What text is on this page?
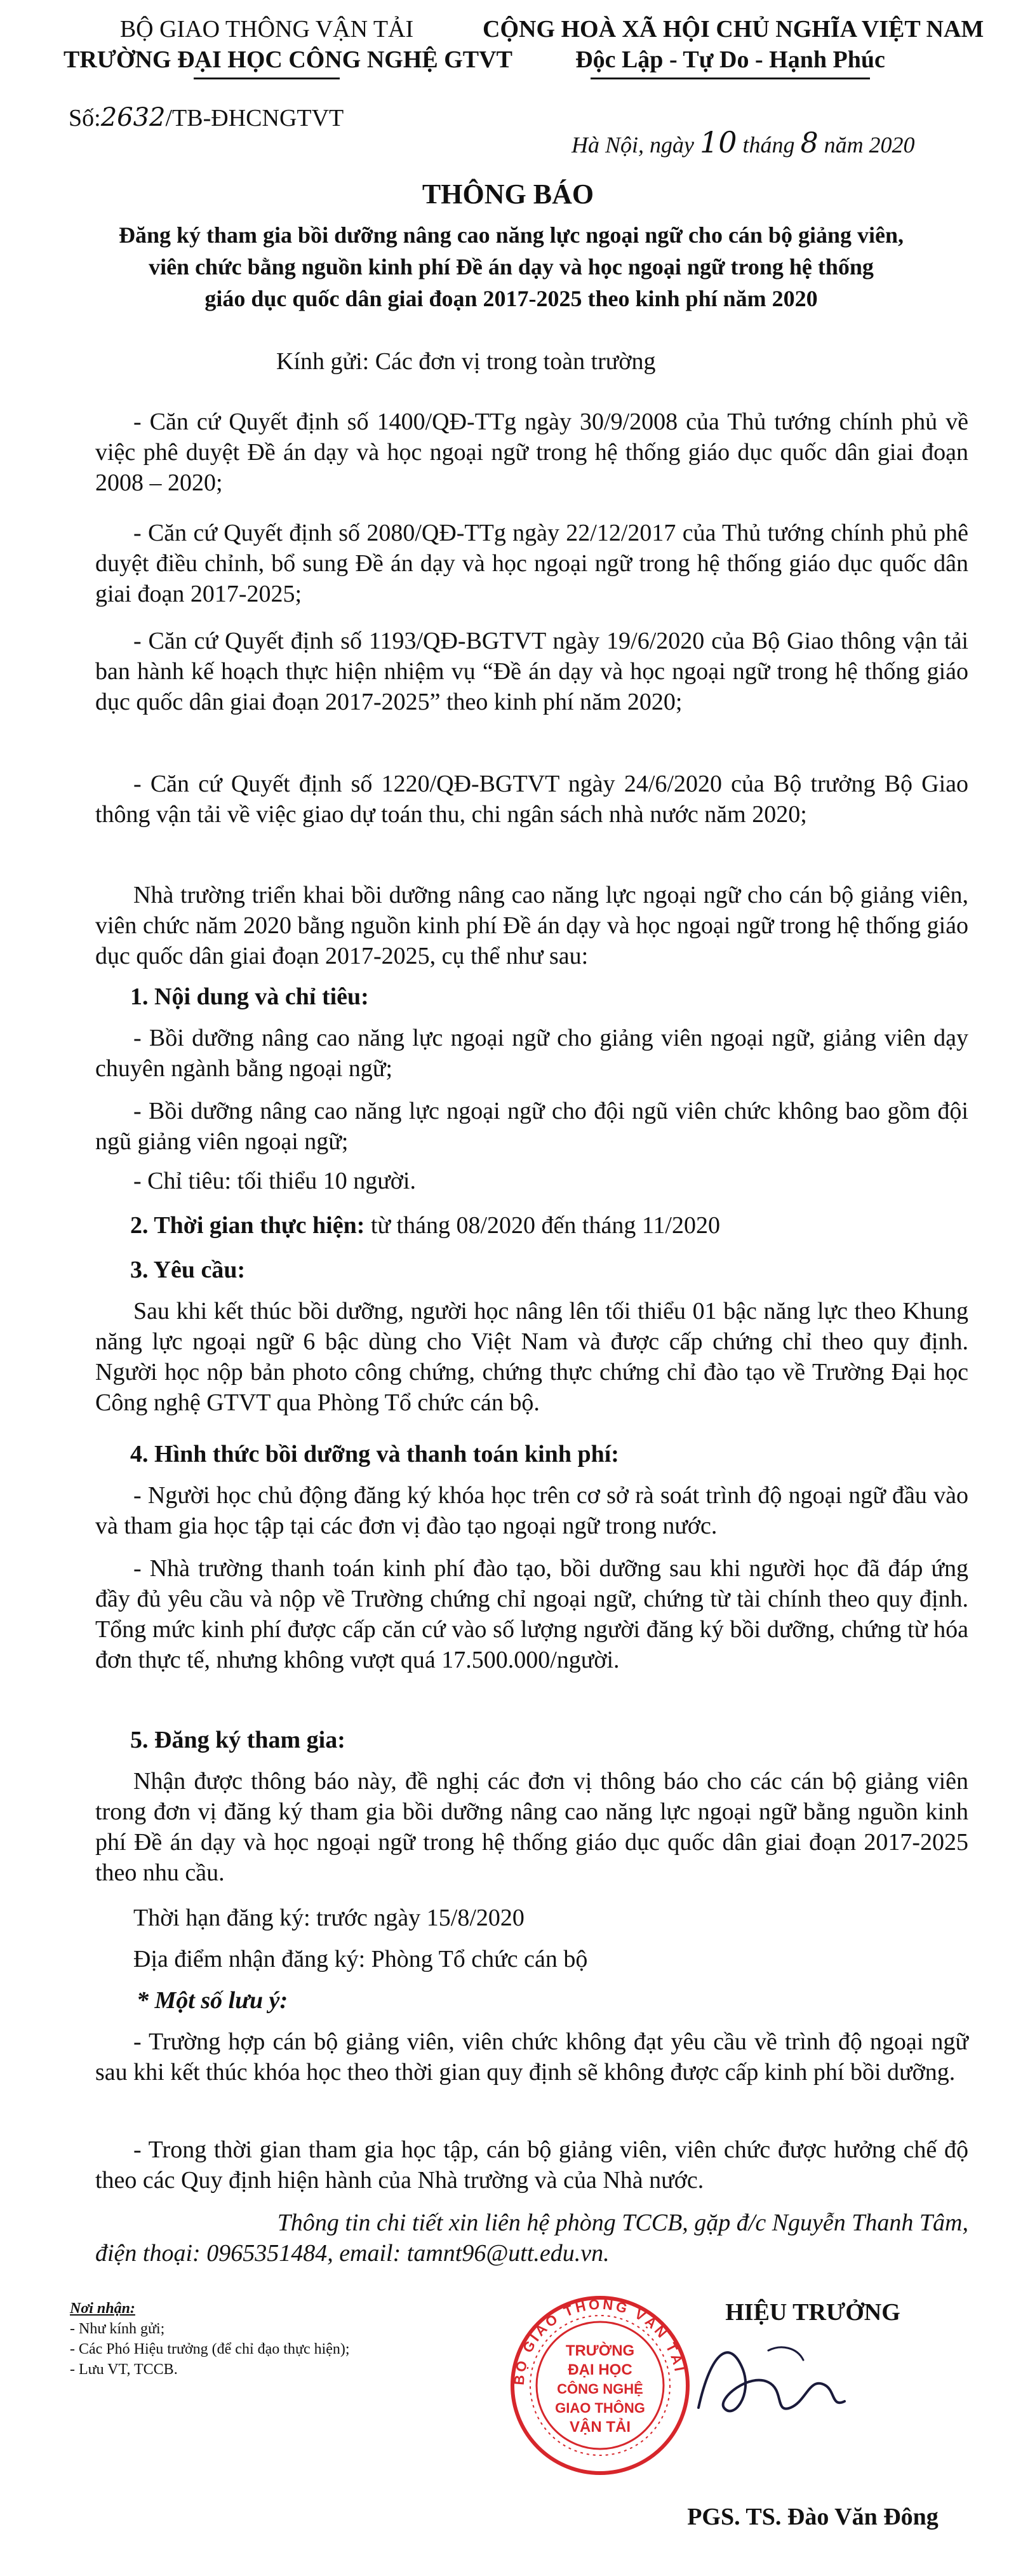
BỘ GIAO THÔNG VẬN TẢI
TRƯỜNG ĐẠI HỌC CÔNG NGHỆ GTVT
Số:2632/TB-ĐHCNGTVT
CỘNG HOÀ XÃ HỘI CHỦ NGHĨA VIỆT NAM
Độc Lập - Tự Do - Hạnh Phúc
Hà Nội, ngày 10 tháng 8 năm 2020
THÔNG BÁO
Đăng ký tham gia bồi dưỡng nâng cao năng lực ngoại ngữ cho cán bộ giảng viên,
viên chức bằng nguồn kinh phí Đề án dạy và học ngoại ngữ trong hệ thống
giáo dục quốc dân giai đoạn 2017-2025 theo kinh phí năm 2020
Kính gửi: Các đơn vị trong toàn trường
- Căn cứ Quyết định số 1400/QĐ-TTg ngày 30/9/2008 của Thủ tướng chính phủ về việc phê duyệt Đề án dạy và học ngoại ngữ trong hệ thống giáo dục quốc dân giai đoạn 2008 – 2020;
- Căn cứ Quyết định số 2080/QĐ-TTg ngày 22/12/2017 của Thủ tướng chính phủ phê duyệt điều chỉnh, bổ sung Đề án dạy và học ngoại ngữ trong hệ thống giáo dục quốc dân giai đoạn 2017-2025;
- Căn cứ Quyết định số 1193/QĐ-BGTVT ngày 19/6/2020 của Bộ Giao thông vận tải ban hành kế hoạch thực hiện nhiệm vụ “Đề án dạy và học ngoại ngữ trong hệ thống giáo dục quốc dân giai đoạn 2017-2025” theo kinh phí năm 2020;
- Căn cứ Quyết định số 1220/QĐ-BGTVT ngày 24/6/2020 của Bộ trưởng Bộ Giao thông vận tải về việc giao dự toán thu, chi ngân sách nhà nước năm 2020;
Nhà trường triển khai bồi dưỡng nâng cao năng lực ngoại ngữ cho cán bộ giảng viên, viên chức năm 2020 bằng nguồn kinh phí Đề án dạy và học ngoại ngữ trong hệ thống giáo dục quốc dân giai đoạn 2017-2025, cụ thể như sau:
1. Nội dung và chỉ tiêu:
- Bồi dưỡng nâng cao năng lực ngoại ngữ cho giảng viên ngoại ngữ, giảng viên dạy chuyên ngành bằng ngoại ngữ;
- Bồi dưỡng nâng cao năng lực ngoại ngữ cho đội ngũ viên chức không bao gồm đội ngũ giảng viên ngoại ngữ;
- Chỉ tiêu: tối thiểu 10 người.
2. Thời gian thực hiện: từ tháng 08/2020 đến tháng 11/2020
3. Yêu cầu:
Sau khi kết thúc bồi dưỡng, người học nâng lên tối thiểu 01 bậc năng lực theo Khung năng lực ngoại ngữ 6 bậc dùng cho Việt Nam và được cấp chứng chỉ theo quy định. Người học nộp bản photo công chứng, chứng thực chứng chỉ đào tạo về Trường Đại học Công nghệ GTVT qua Phòng Tổ chức cán bộ.
4. Hình thức bồi dưỡng và thanh toán kinh phí:
- Người học chủ động đăng ký khóa học trên cơ sở rà soát trình độ ngoại ngữ đầu vào và tham gia học tập tại các đơn vị đào tạo ngoại ngữ trong nước.
- Nhà trường thanh toán kinh phí đào tạo, bồi dưỡng sau khi người học đã đáp ứng đầy đủ yêu cầu và nộp về Trường chứng chỉ ngoại ngữ, chứng từ tài chính theo quy định. Tổng mức kinh phí được cấp căn cứ vào số lượng người đăng ký bồi dưỡng, chứng từ hóa đơn thực tế, nhưng không vượt quá 17.500.000/người.
5. Đăng ký tham gia:
Nhận được thông báo này, đề nghị các đơn vị thông báo cho các cán bộ giảng viên trong đơn vị đăng ký tham gia bồi dưỡng nâng cao năng lực ngoại ngữ bằng nguồn kinh phí Đề án dạy và học ngoại ngữ trong hệ thống giáo dục quốc dân giai đoạn 2017-2025 theo nhu cầu.
Thời hạn đăng ký: trước ngày 15/8/2020
Địa điểm nhận đăng ký: Phòng Tổ chức cán bộ
* Một số lưu ý:
- Trường hợp cán bộ giảng viên, viên chức không đạt yêu cầu về trình độ ngoại ngữ sau khi kết thúc khóa học theo thời gian quy định sẽ không được cấp kinh phí bồi dưỡng.
- Trong thời gian tham gia học tập, cán bộ giảng viên, viên chức được hưởng chế độ theo các Quy định hiện hành của Nhà trường và của Nhà nước.
Thông tin chi tiết xin liên hệ phòng TCCB, gặp đ/c Nguyễn Thanh Tâm,
điện thoại: 0965351484, email: tamnt96@utt.edu.vn.
Nơi nhận:
- Như kính gửi;
- Các Phó Hiệu trưởng (để chỉ đạo thực hiện);
- Lưu VT, TCCB.
HIỆU TRƯỞNG
BỘ GIAO THÔNG VẬN TẢI
TRƯỜNG
ĐẠI HỌC
CÔNG NGHỆ
GIAO THÔNG
VẬN TẢI
PGS. TS. Đào Văn Đông
